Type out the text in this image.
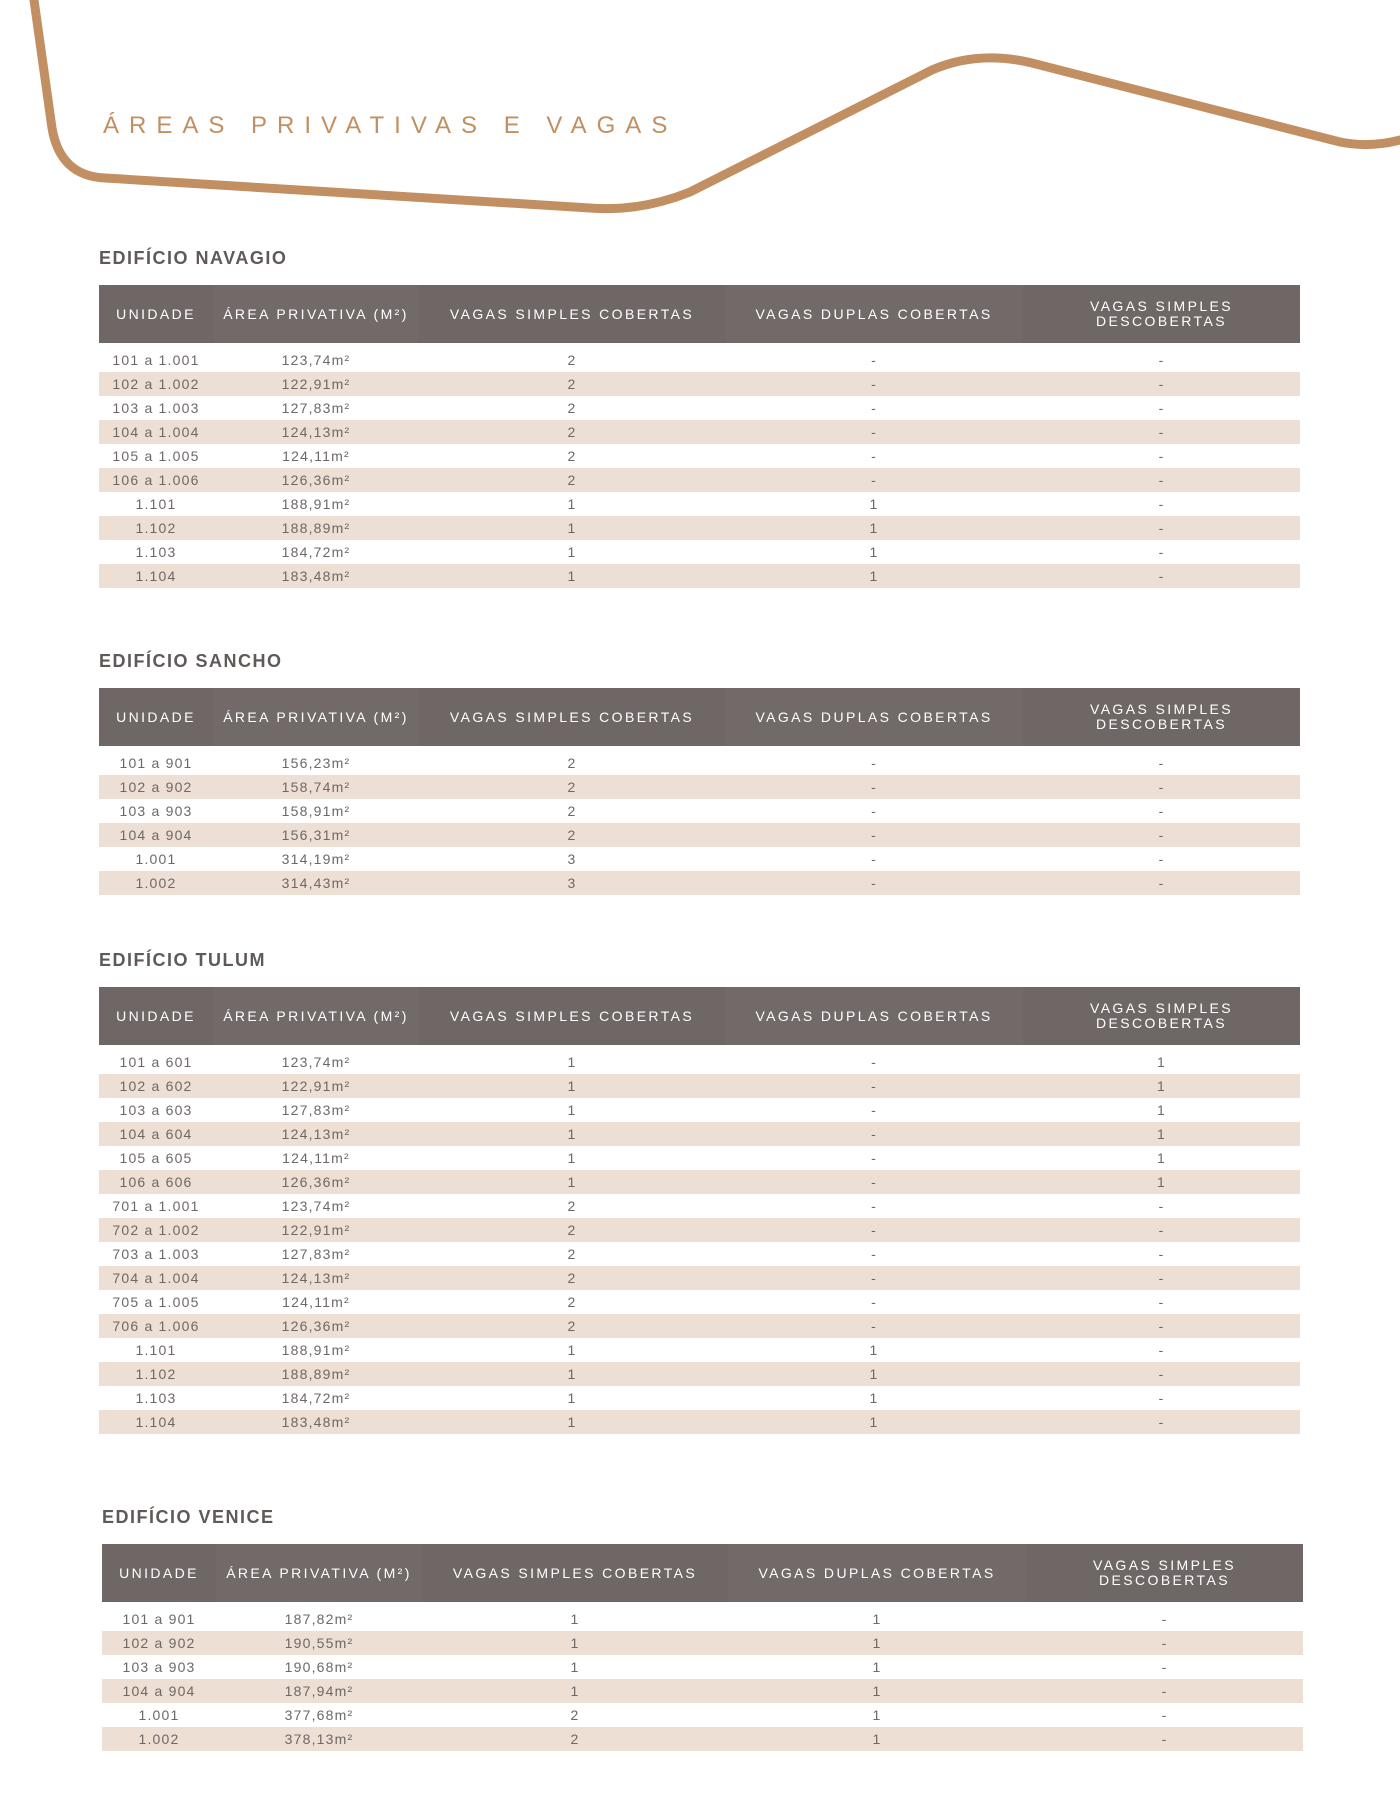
ÁREAS PRIVATIVAS E VAGAS
EDIFÍCIO NAVAGIO
UNIDADE	ÁREA PRIVATIVA (M²)	VAGAS SIMPLES COBERTAS	VAGAS DUPLAS COBERTAS	VAGAS SIMPLES DESCOBERTAS
101 a 1.001	123,74m²	2	-	-
102 a 1.002	122,91m²	2	-	-
103 a 1.003	127,83m²	2	-	-
104 a 1.004	124,13m²	2	-	-
105 a 1.005	124,11m²	2	-	-
106 a 1.006	126,36m²	2	-	-
1.101	188,91m²	1	1	-
1.102	188,89m²	1	1	-
1.103	184,72m²	1	1	-
1.104	183,48m²	1	1	-
EDIFÍCIO SANCHO
UNIDADE	ÁREA PRIVATIVA (M²)	VAGAS SIMPLES COBERTAS	VAGAS DUPLAS COBERTAS	VAGAS SIMPLES DESCOBERTAS
101 a 901	156,23m²	2	-	-
102 a 902	158,74m²	2	-	-
103 a 903	158,91m²	2	-	-
104 a 904	156,31m²	2	-	-
1.001	314,19m²	3	-	-
1.002	314,43m²	3	-	-
EDIFÍCIO TULUM
UNIDADE	ÁREA PRIVATIVA (M²)	VAGAS SIMPLES COBERTAS	VAGAS DUPLAS COBERTAS	VAGAS SIMPLES DESCOBERTAS
101 a 601	123,74m²	1	-	1
102 a 602	122,91m²	1	-	1
103 a 603	127,83m²	1	-	1
104 a 604	124,13m²	1	-	1
105 a 605	124,11m²	1	-	1
106 a 606	126,36m²	1	-	1
701 a 1.001	123,74m²	2	-	-
702 a 1.002	122,91m²	2	-	-
703 a 1.003	127,83m²	2	-	-
704 a 1.004	124,13m²	2	-	-
705 a 1.005	124,11m²	2	-	-
706 a 1.006	126,36m²	2	-	-
1.101	188,91m²	1	1	-
1.102	188,89m²	1	1	-
1.103	184,72m²	1	1	-
1.104	183,48m²	1	1	-
EDIFÍCIO VENICE
UNIDADE	ÁREA PRIVATIVA (M²)	VAGAS SIMPLES COBERTAS	VAGAS DUPLAS COBERTAS	VAGAS SIMPLES DESCOBERTAS
101 a 901	187,82m²	1	1	-
102 a 902	190,55m²	1	1	-
103 a 903	190,68m²	1	1	-
104 a 904	187,94m²	1	1	-
1.001	377,68m²	2	1	-
1.002	378,13m²	2	1	-
